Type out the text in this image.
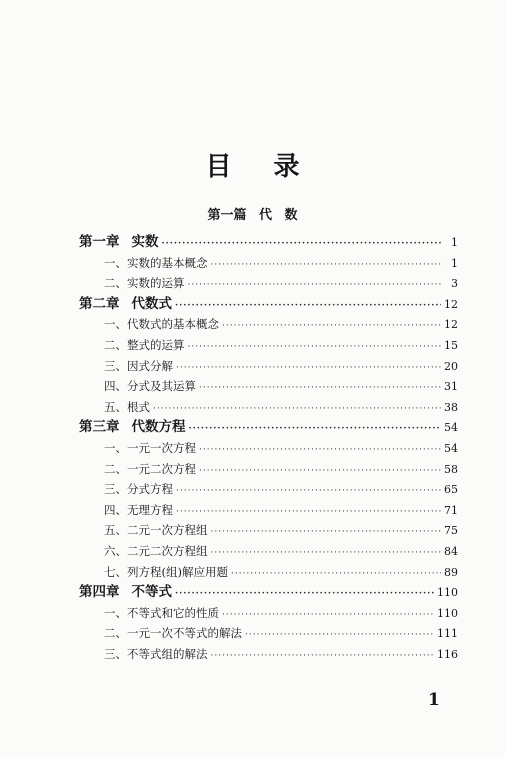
目 录
第一篇 代 数
第一章 实数 ·····	1
一、实数的基本概念 ·····	1
二、实数的运算 ·····	3
第二章 代数式 ·····	12
一、代数式的基本概念 ·····	12
二、整式的运算 ·····	15
三、因式分解 ·····	20
四、分式及其运算 ·····	31
五、根式 ·····	38
第三章 代数方程 ·····	54
一、一元一次方程 ·····	54
二、一元二次方程 ·····	58
三、分式方程 ·····	65
四、无理方程 ·····	71
五、二元一次方程组 ·····	75
六、二元二次方程组 ·····	84
七、列方程(组)解应用题 ·····	89
第四章 不等式 ·····	110
一、不等式和它的性质 ·····	110
二、一元一次不等式的解法 ·····	111
三、不等式组的解法 ·····	116
1
